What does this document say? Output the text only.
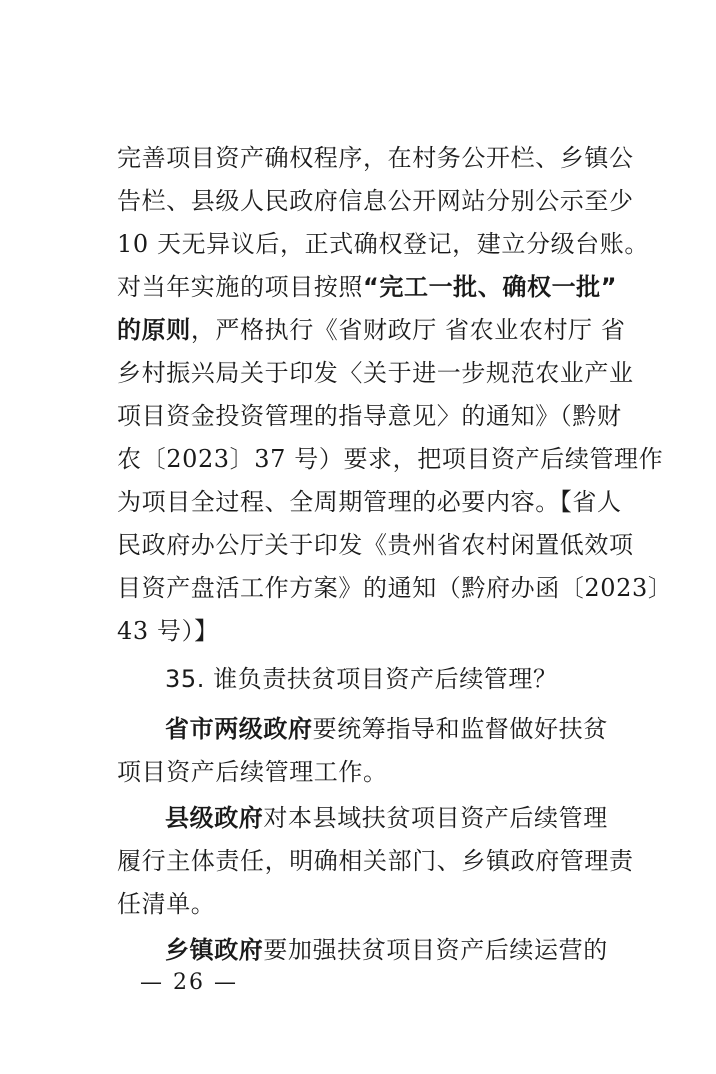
完善项目资产确权程序，在村务公开栏、乡镇公
告栏、县级人民政府信息公开网站分别公示至少
10 天无异议后，正式确权登记，建立分级台账。
对当年实施的项目按照“完工一批、确权一批”
的原则，严格执行《省财政厅 省农业农村厅 省
乡村振兴局关于印发〈关于进一步规范农业产业
项目资金投资管理的指导意见〉的通知》（黔财
农〔2023〕37 号）要求，把项目资产后续管理作
为项目全过程、全周期管理的必要内容。【省人
民政府办公厅关于印发《贵州省农村闲置低效项
目资产盘活工作方案》的通知（黔府办函〔2023〕
43 号）】
35. 谁负责扶贫项目资产后续管理？
省市两级政府要统筹指导和监督做好扶贫
项目资产后续管理工作。
县级政府对本县域扶贫项目资产后续管理
履行主体责任，明确相关部门、乡镇政府管理责
任清单。
乡镇政府要加强扶贫项目资产后续运营的
— 26 —
